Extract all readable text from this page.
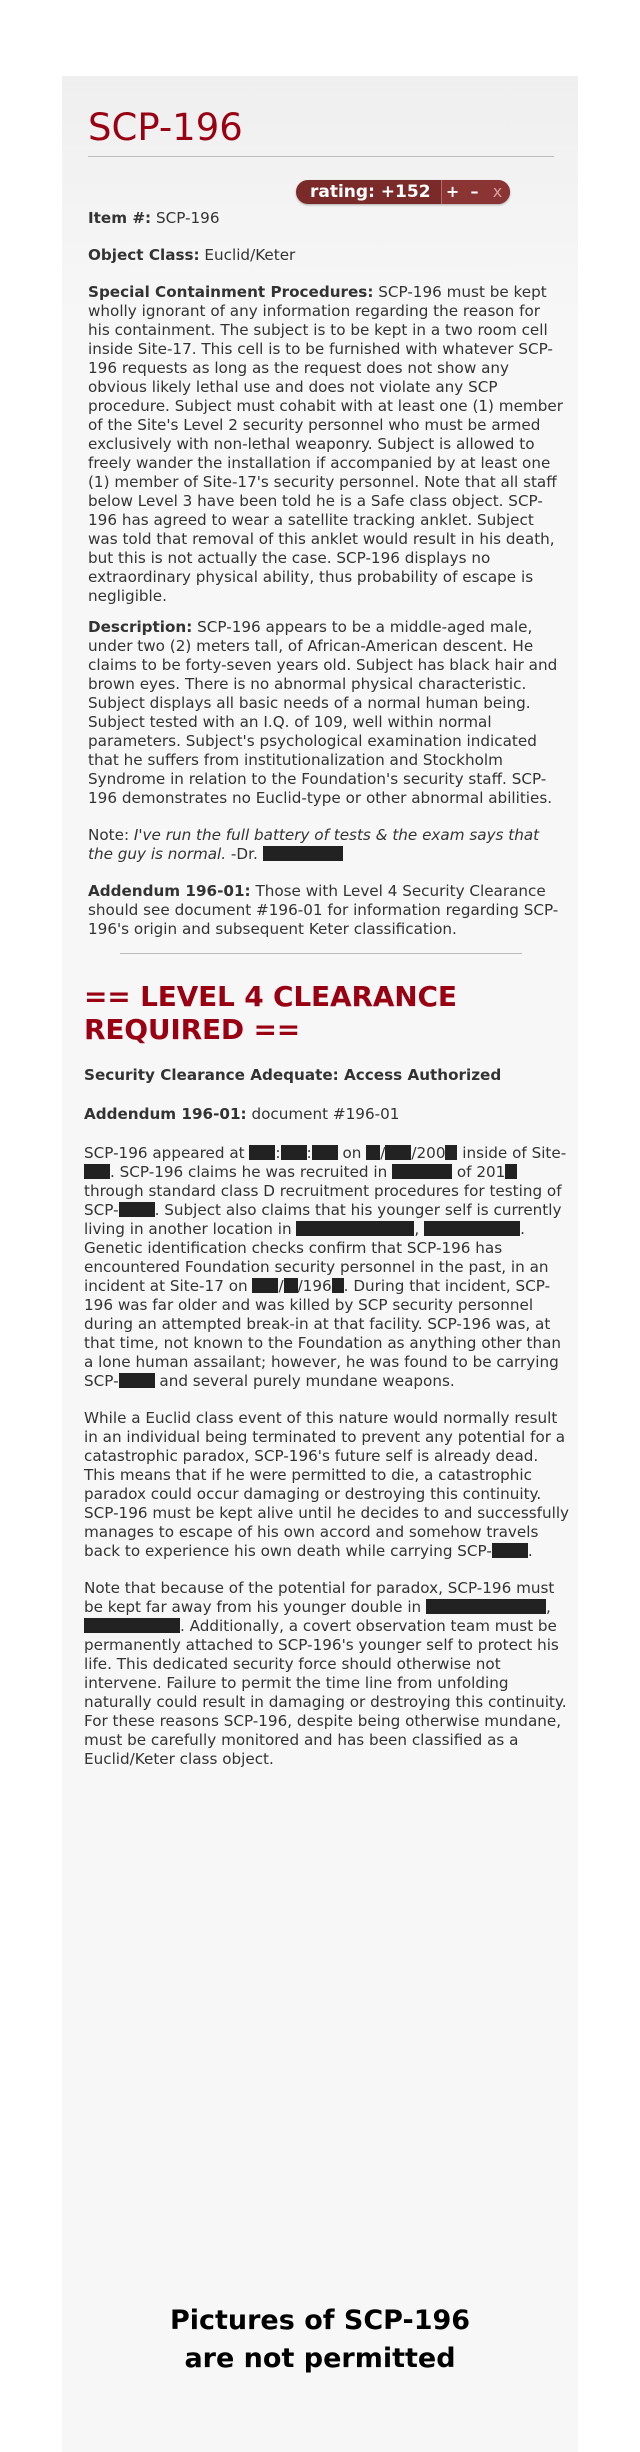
rating: +152 + – x
SCP-196

Item #: SCP-196

Object Class: Euclid/Keter

Special Containment Procedures: SCP-196 must be kept wholly ignorant of any information regarding the reason for his containment. The subject is to be kept in a two room cell inside Site-17. This cell is to be furnished with whatever SCP-196 requests as long as the request does not show any obvious likely lethal use and does not violate any SCP procedure. Subject must cohabit with at least one (1) member of the Site's Level 2 security personnel who must be armed exclusively with non-lethal weaponry. Subject is allowed to freely wander the installation if accompanied by at least one (1) member of Site-17's security personnel. Note that all staff below Level 3 have been told he is a Safe class object. SCP-196 has agreed to wear a satellite tracking anklet. Subject was told that removal of this anklet would result in his death, but this is not actually the case. SCP-196 displays no extraordinary physical ability, thus probability of escape is negligible.

Description: SCP-196 appears to be a middle-aged male, under two (2) meters tall, of African-American descent. He claims to be forty-seven years old. Subject has black hair and brown eyes. There is no abnormal physical characteristic. Subject displays all basic needs of a normal human being. Subject tested with an I.Q. of 109, well within normal parameters. Subject's psychological examination indicated that he suffers from institutionalization and Stockholm Syndrome in relation to the Foundation's security staff. SCP-196 demonstrates no Euclid-type or other abnormal abilities.

Note: I've run the full battery of tests & the exam says that the guy is normal. -Dr.

Addendum 196-01: Those with Level 4 Security Clearance should see document #196-01 for information regarding SCP-196's origin and subsequent Keter classification.

== LEVEL 4 CLEARANCE REQUIRED ==

Security Clearance Adequate: Access Authorized

Addendum 196-01: document #196-01

SCP-196 appeared at : : on / /200 inside of Site-. SCP-196 claims he was recruited in	of 201 through standard class D recruitment procedures for testing of SCP- . Subject also claims that his younger self is currently living in another location in	,	. Genetic identification checks confirm that SCP-196 has encountered Foundation security personnel in the past, in an incident at Site-17 on / /196 . During that incident, SCP-196 was far older and was killed by SCP security personnel during an attempted break-in at that facility. SCP-196 was, at that time, not known to the Foundation as anything other than a lone human assailant; however, he was found to be carrying SCP- and several purely mundane weapons.

While a Euclid class event of this nature would normally result in an individual being terminated to prevent any potential for a catastrophic paradox, SCP-196's future self is already dead. This means that if he were permitted to die, a catastrophic paradox could occur damaging or destroying this continuity. SCP-196 must be kept alive until he decides to and successfully manages to escape of his own accord and somehow travels back to experience his own death while carrying SCP- .

Note that because of the potential for paradox, SCP-196 must be kept far away from his younger double in	, . Additionally, a covert observation team must be permanently attached to SCP-196's younger self to protect his life. This dedicated security force should otherwise not intervene. Failure to permit the time line from unfolding naturally could result in damaging or destroying this continuity. For these reasons SCP-196, despite being otherwise mundane, must be carefully monitored and has been classified as a Euclid/Keter class object.

Pictures of SCP-196
are not permitted
